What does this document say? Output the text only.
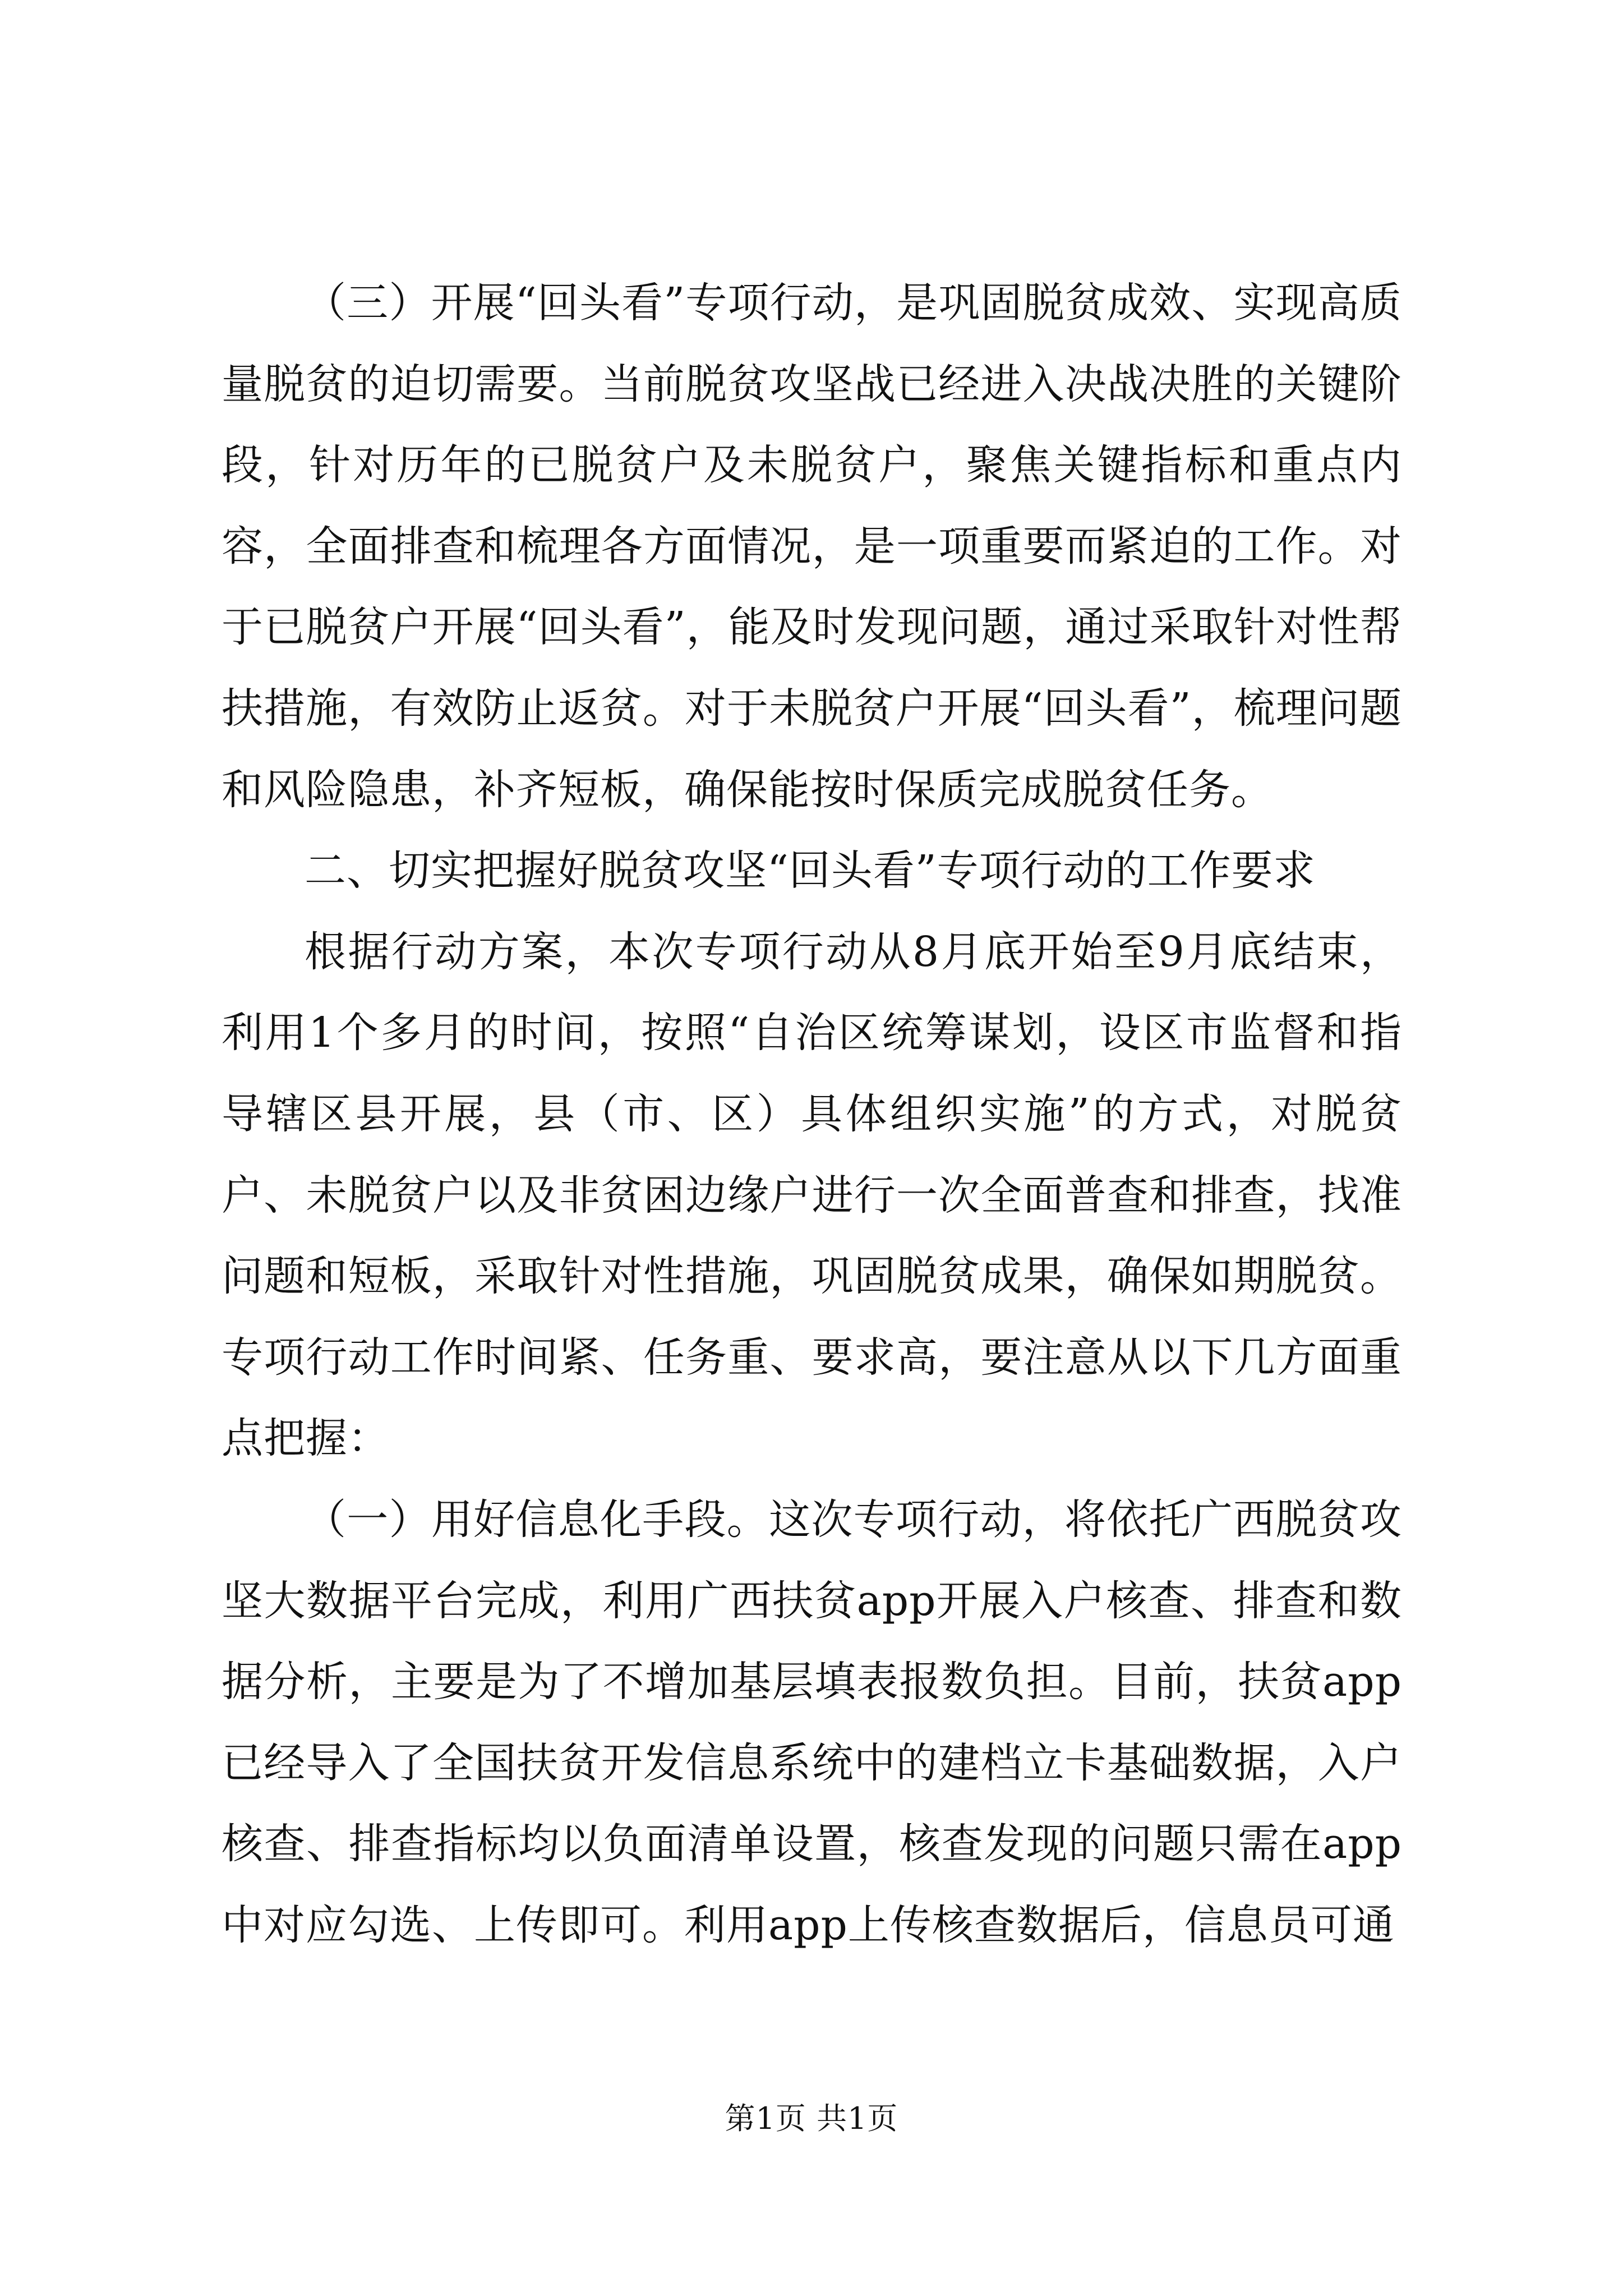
（三）开展“回头看”专项行动，是巩固脱贫成效、实现高质量脱贫的迫切需要。当前脱贫攻坚战已经进入决战决胜的关键阶段，针对历年的已脱贫户及未脱贫户，聚焦关键指标和重点内容，全面排查和梳理各方面情况，是一项重要而紧迫的工作。对于已脱贫户开展“回头看”，能及时发现问题，通过采取针对性帮扶措施，有效防止返贫。对于未脱贫户开展“回头看”，梳理问题和风险隐患，补齐短板，确保能按时保质完成脱贫任务。

二、切实把握好脱贫攻坚“回头看”专项行动的工作要求

根据行动方案，本次专项行动从8月底开始至9月底结束，利用1个多月的时间，按照“自治区统筹谋划，设区市监督和指导辖区县开展，县（市、区）具体组织实施”的方式，对脱贫户、未脱贫户以及非贫困边缘户进行一次全面普查和排查，找准问题和短板，采取针对性措施，巩固脱贫成果，确保如期脱贫。专项行动工作时间紧、任务重、要求高，要注意从以下几方面重点把握：

（一）用好信息化手段。这次专项行动，将依托广西脱贫攻坚大数据平台完成，利用广西扶贫app开展入户核查、排查和数据分析，主要是为了不增加基层填表报数负担。目前，扶贫app已经导入了全国扶贫开发信息系统中的建档立卡基础数据，入户核查、排查指标均以负面清单设置，核查发现的问题只需在app中对应勾选、上传即可。利用app上传核查数据后，信息员可通

第1页 共1页
